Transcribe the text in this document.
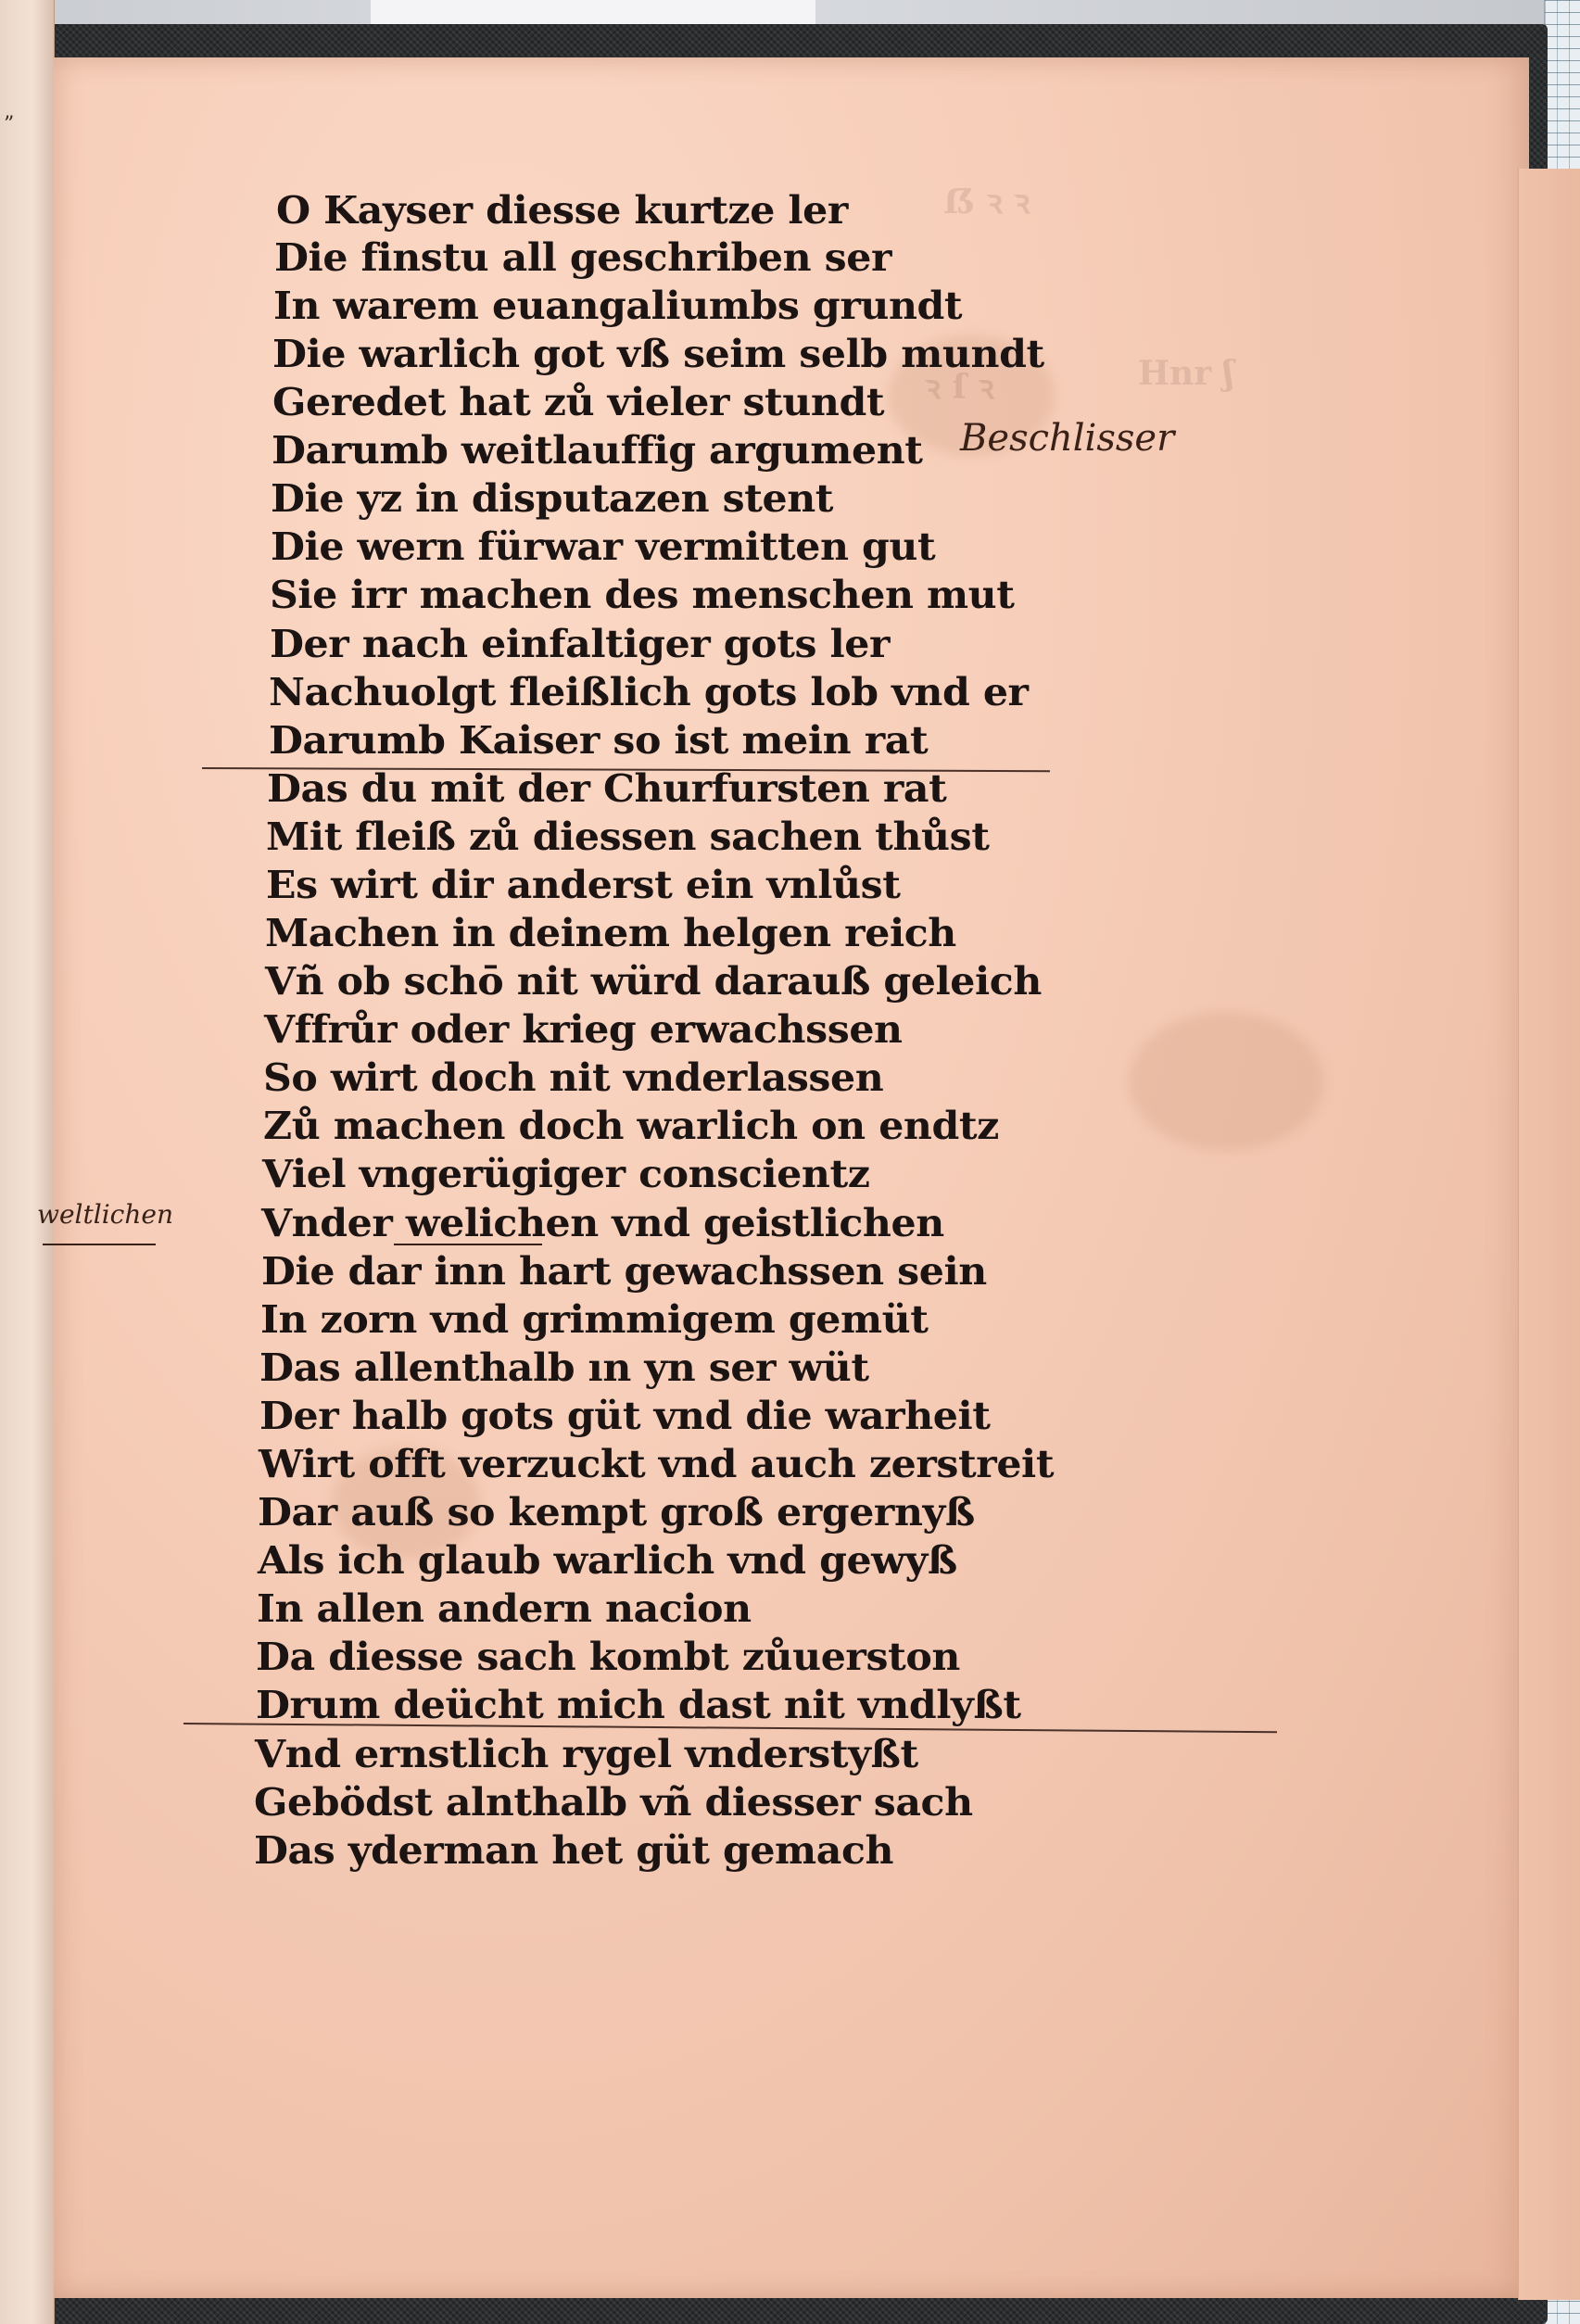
”
ẞ ꝛ ꝛ
ꝛ ſ ꝛ	Hnr ʃ
O Kayser diesse kurtze ler
Die finstu all geschriben ser
In warem euangaliumbs grundt
Die warlich got vß seim selb mundt
Geredet hat zů vieler stundt
Darumb weitlauffig argument
Die yz in disputazen stent
Die wern fürwar vermitten gut
Sie irr machen des menschen mut
Der nach einfaltiger gots ler
Nachuolgt fleißlich gots lob vnd er
Darumb Kaiser so ist mein rat
Das du mit der Churfursten rat
Mit fleiß zů diessen sachen thůst
Es wirt dir anderst ein vnlůst
Machen in deinem helgen reich
Vñ ob schō nit würd darauß geleich
Vffrůr oder krieg erwachssen
So wirt doch nit vnderlassen
Zů machen doch warlich on endtz
Viel vngerügiger conscientz
Vnder welichen vnd geistlichen
Die dar inn hart gewachssen sein
In zorn vnd grimmigem gemüt
Das allenthalb ın yn ser wüt
Der halb gots güt vnd die warheit
Wirt offt verzuckt vnd auch zerstreit
Dar auß so kempt groß ergernyß
Als ich glaub warlich vnd gewyß
In allen andern nacion
Da diesse sach kombt zůuerston
Drum deücht mich dast nit vndlyßt
Vnd ernstlich rygel vnderstyßt
Gebödst alnthalb vñ diesser sach
Das yderman het güt gemach
Beschlisser
weltlichen
